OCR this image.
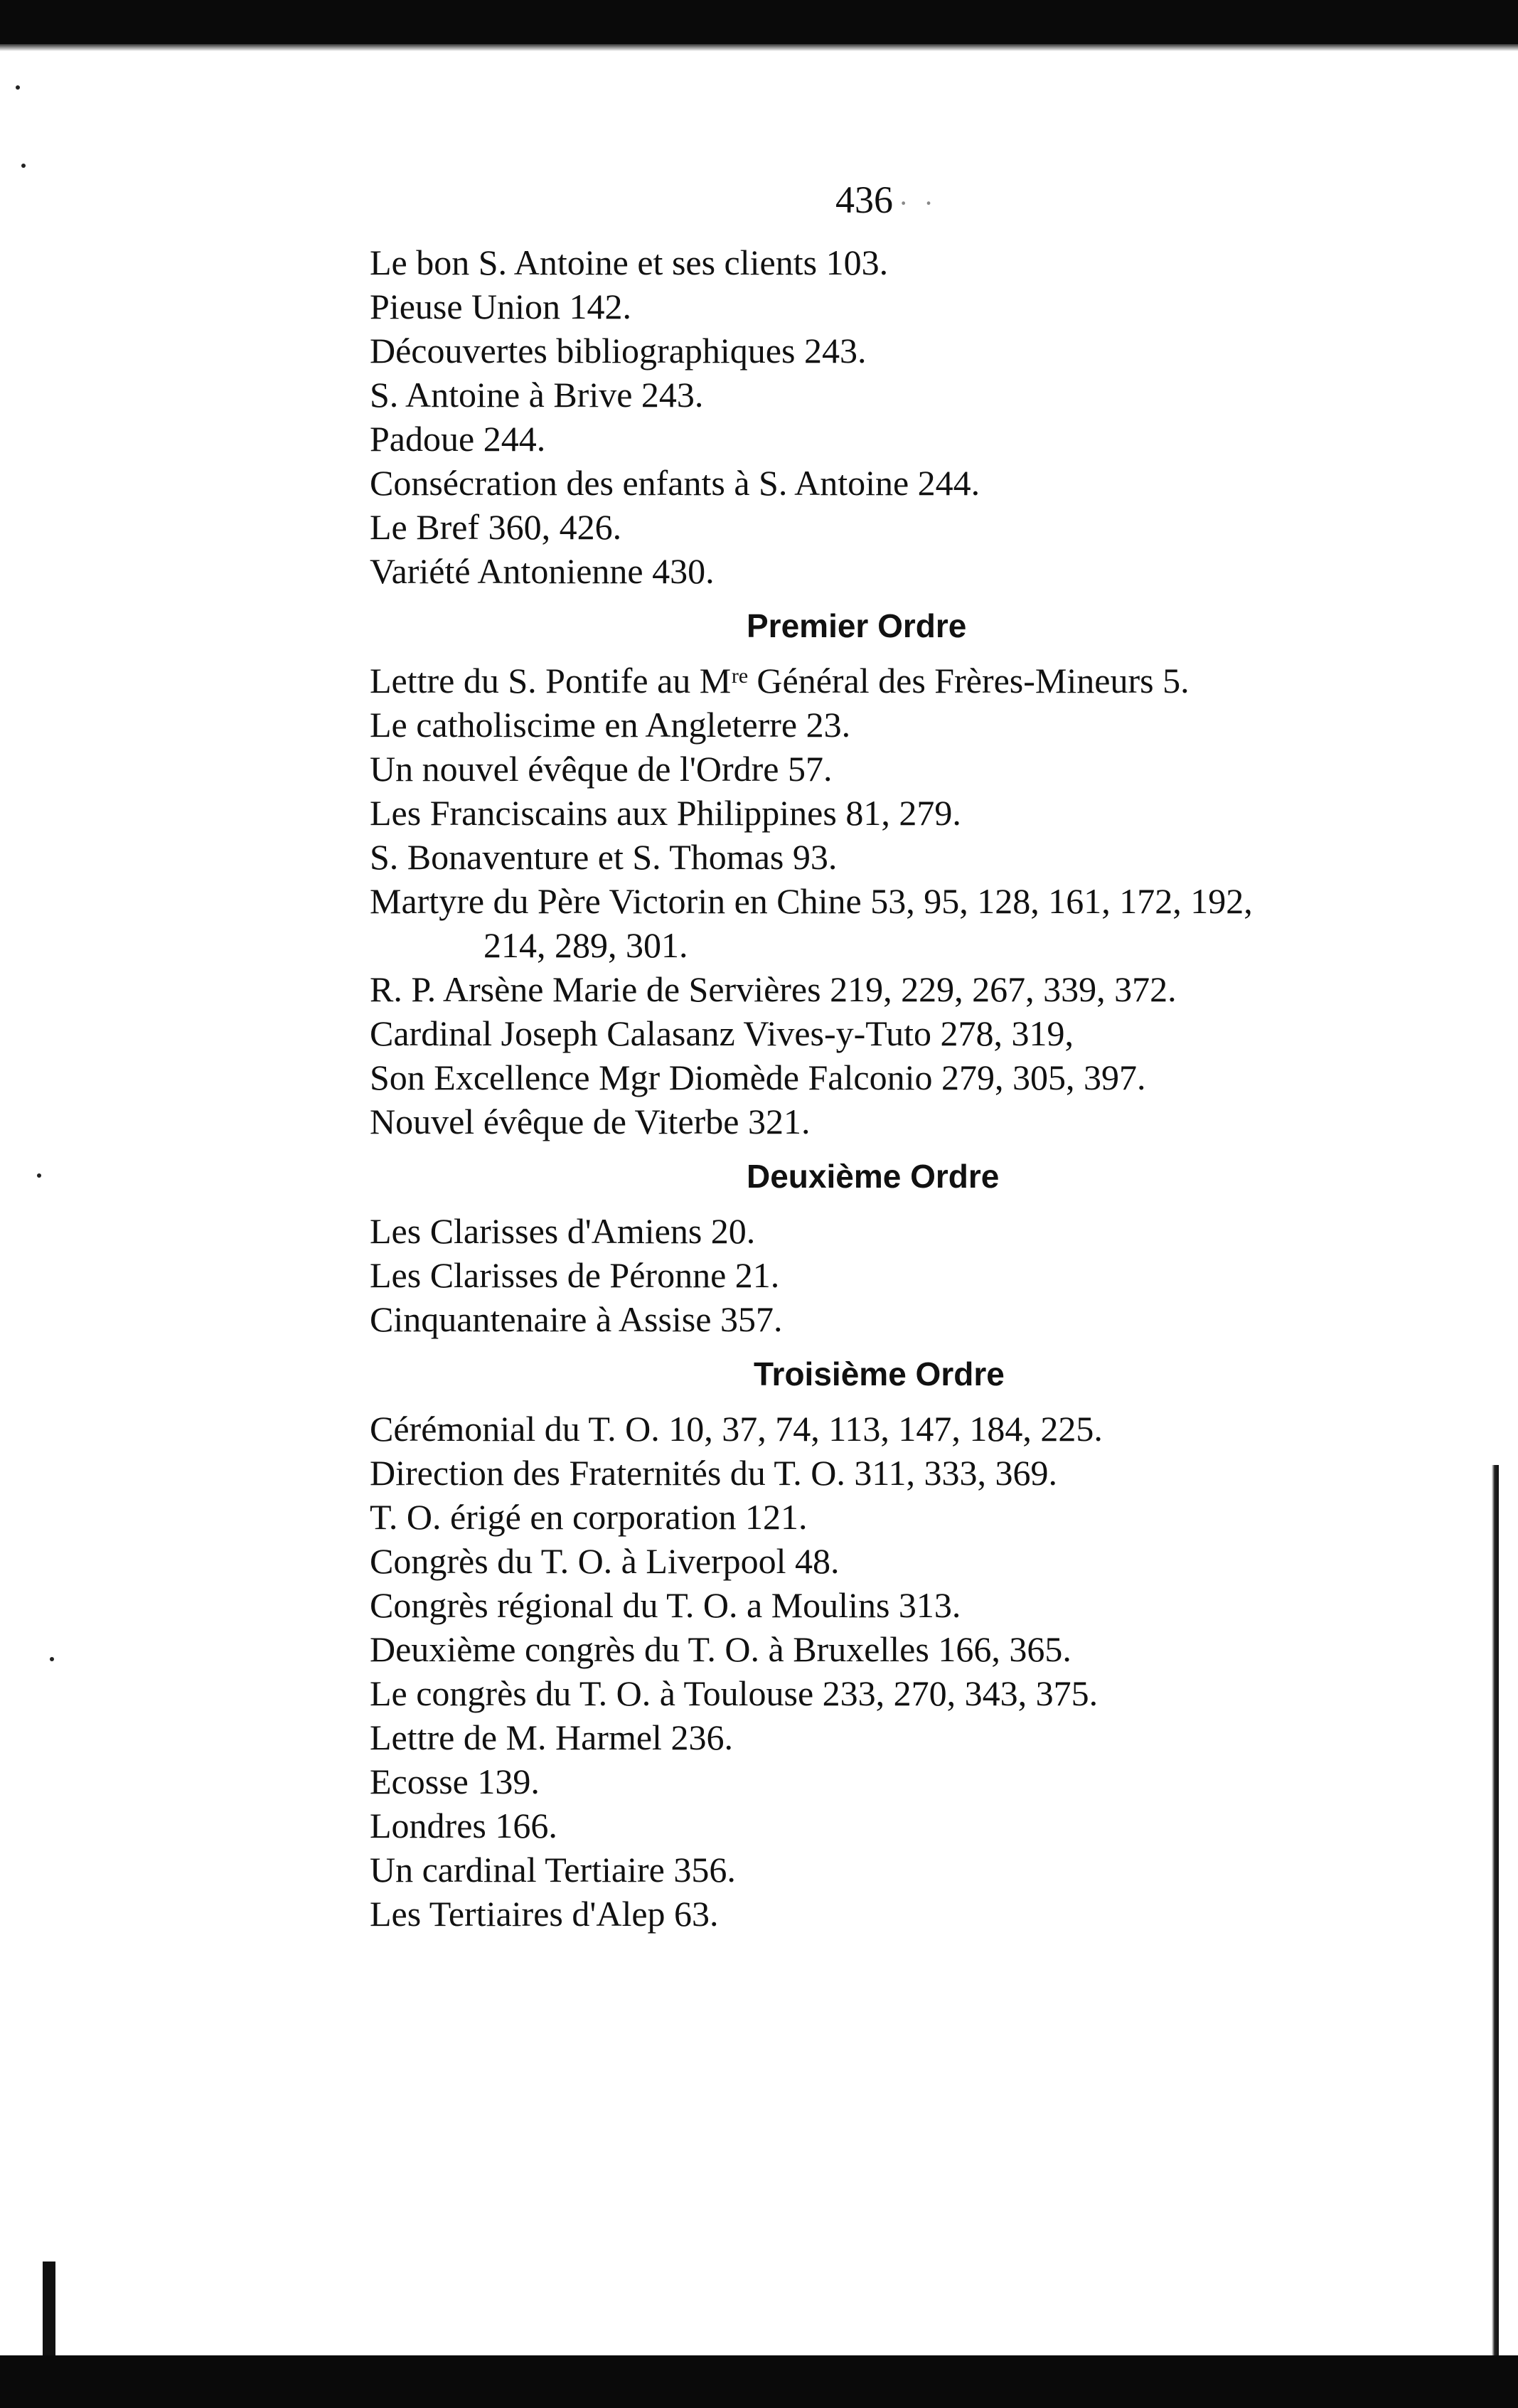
436 · ·
Le bon S. Antoine et ses clients 103.
Pieuse Union 142.
Découvertes bibliographiques 243.
S. Antoine à Brive 243.
Padoue 244.
Consécration des enfants à S. Antoine 244.
Le Bref 360, 426.
Variété Antonienne 430.
Premier Ordre
Lettre du S. Pontife au Mʳᵉ Général des Frères-Mineurs 5.
Le catholiscime en Angleterre 23.
Un nouvel évêque de l'Ordre 57.
Les Franciscains aux Philippines 81, 279.
S. Bonaventure et S. Thomas 93.
Martyre du Père Victorin en Chine 53, 95, 128, 161, 172, 192,
214, 289, 301.
R. P. Arsène Marie de Servières 219, 229, 267, 339, 372.
Cardinal Joseph Calasanz Vives-y-Tuto 278, 319,
Son Excellence Mgr Diomède Falconio 279, 305, 397.
Nouvel évêque de Viterbe 321.
Deuxième Ordre
Les Clarisses d'Amiens 20.
Les Clarisses de Péronne 21.
Cinquantenaire à Assise 357.
Troisième Ordre
Cérémonial du T. O. 10, 37, 74, 113, 147, 184, 225.
Direction des Fraternités du T. O. 311, 333, 369.
T. O. érigé en corporation 121.
Congrès du T. O. à Liverpool 48.
Congrès régional du T. O. a Moulins 313.
Deuxième congrès du T. O. à Bruxelles 166, 365.
Le congrès du T. O. à Toulouse 233, 270, 343, 375.
Lettre de M. Harmel 236.
Ecosse 139.
Londres 166.
Un cardinal Tertiaire 356.
Les Tertiaires d'Alep 63.
